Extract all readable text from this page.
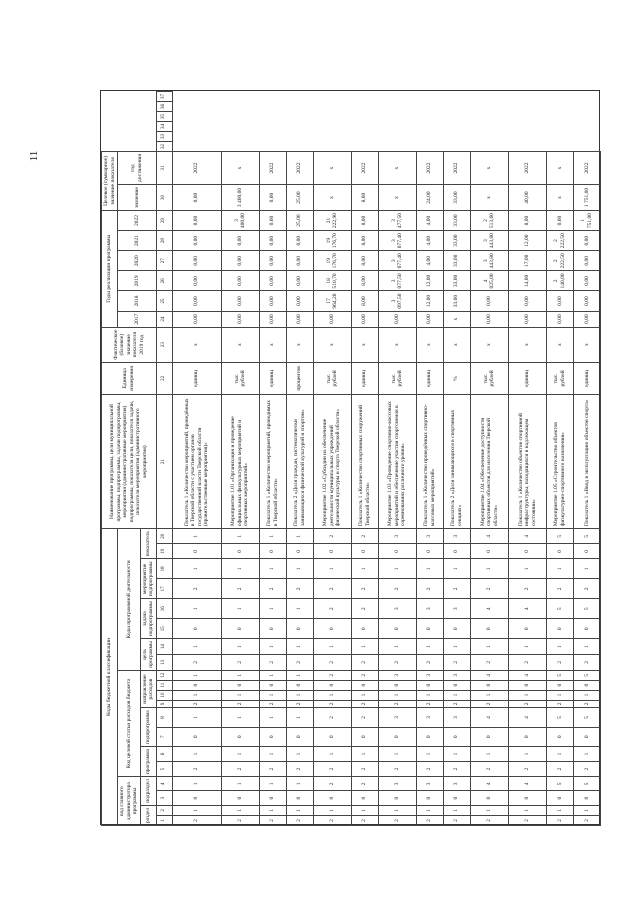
11
Коды бюджетной классификации																				Наименование программы, цели муниципальной программы, подпрограммы, задачи подпрограммы, мероприятия (административные мероприятия) подпрограммы, показателя цели, показателя задачи, показателя мероприятия (административного мероприятия)	Единица измерения	Фактическое (базовое) значение показателя 2019 год	Годы реализации программы						Целевое (суммарное) значение показателя							
код главного администратора программы				Код целевой статьи расходов бюджета								Коды программной деятельности											2017	2018	2019	2020	2021	2022	значение	год достижения						
раздел		подраздел		программа		подпрограмма		направление расходов				цель программы		задача подпрограммы		мероприятие подпрограммы		показатель																		
1	2	3	4	5	6	7	8	9	10	11	12	13	14	15	16	17	18	19	20	21	22	23	24	25	26	27	28	29	30	31	32	33	34	35	36	37
2	1	0	1	2	1	0	1	2	1	0	1	2	1	0	1	2	1	0	1	Показатель 1 «Количество мероприятий, проведённых в Тверской области с участием органов государственной власти Тверской области (правительственные мероприятия)»	единиц	х	0,00	0,00	0,00	0,00	0,00	0,00	0,00	2022						
2	1	0	1	2	1	0	1	2	1	0	1	2	1	0	1	2	1	0	1	Мероприятие 1.01 «Организация и проведение официальных физкультурных мероприятий и спортивных мероприятий»	тыс. рублей	х	0,00	0,00	0,00	0,00	0,00	3 400,00	3 400,00	х						
2	1	0	1	2	1	0	1	2	1	0	1	2	1	0	1	2	1	0	1	Показатель 1 «Количество мероприятий, проводимых в Тверской области»	единиц	х	0,00	0,00	0,00	0,00	0,00	0,00	0,00	2022						
2	1	0	1	2	1	0	1	2	1	0	1	2	1	0	1	2	1	0	1	Показатель 2 «Доля граждан, систематически занимающихся физической культурой и спортом»	процентов	х	0,00	0,00	0,00	0,00	0,00	25,00	25,00	2022						
2	1	0	2	2	1	0	2	2	1	0	2	2	1	0	2	2	1	0	2	Мероприятие 1.02 «Субсидии на обеспечение деятельности муниципальных учреждений физической культуры и спорта Тверской области»	тыс. рублей	х	0,00	17 964,20	18 510,70	19 176,70	19 176,70	21 222,90	х	х						
2	1	0	2	2	1	0	2	2	1	0	2	2	1	0	2	2	1	0	2	Показатель 1 «Количество спортивных сооружений Тверской области»	единиц	х	0,00	8,00	8,00	8,00	8,00	8,00	8,00	2022						
2	1	0	3	2	1	0	3	2	1	0	3	2	1	0	3	2	1	0	3	Мероприятие 1.03 «Проведение спортивно-массовых мероприятий и обеспечение участия спортсменов в соревнованиях различного уровня»	тыс. рублей	х	0,00	3 097,50	3 077,50	3 077,40	3 077,40	3 477,50	х	х						
2	1	0	3	2	1	0	3	2	1	0	3	2	1	0	3	2	1	0	3	Показатель 1 «Количество проведённых спортивно-массовых мероприятий»	единиц	х	0,00	12,00	12,00	4,00	4,00	4,00	24,00	2022						
2	1	0	3	2	1	0	3	2	1	0	3	2	1	0	3	2	1	0	3	Показатель 2 «Доля занимающихся в спортивных секциях»	%	х	х	33,00	33,00	33,00	33,00	33,00	33,00	2022						
2	1	0	4	2	1	0	4	2	1	0	4	2	1	0	4	2	1	0	4	Мероприятие 1.04 «Обеспечение доступности спортивных объектов для населения Тверской области»	тыс. рублей	х	0,00	0,00	4 025,00	3 443,80	3 443,80	2 513,60	х	х						
2	1	0	4	2	1	0	4	2	1	0	4	2	1	0	4	2	1	0	4	Показатель 1 «Количество объектов спортивной инфраструктуры, находящихся в надлежащем состоянии»	единиц	х	0,00	0,00	14,00	17,00	12,00	8,00	40,00	2022						
2	1	0	5	2	1	0	5	2	1	0	5	2	1	0	5	2	1	0	5	Мероприятие 1.05 «Строительство объектов физкультурно-спортивного назначения»	тыс. рублей	х	0,00	0,00	2 140,00	2 222,50	2 222,50	0,00	х	х						
2	1	0	5	2	1	0	5	2	1	0	5	2	1	0	5	2	1	0	5	Показатель 1 «Ввод в эксплуатацию объектов спорта»	единиц	х	0,00	0,00	0,00	0,00	0,00	1 751,00	1 751,00	2022						
